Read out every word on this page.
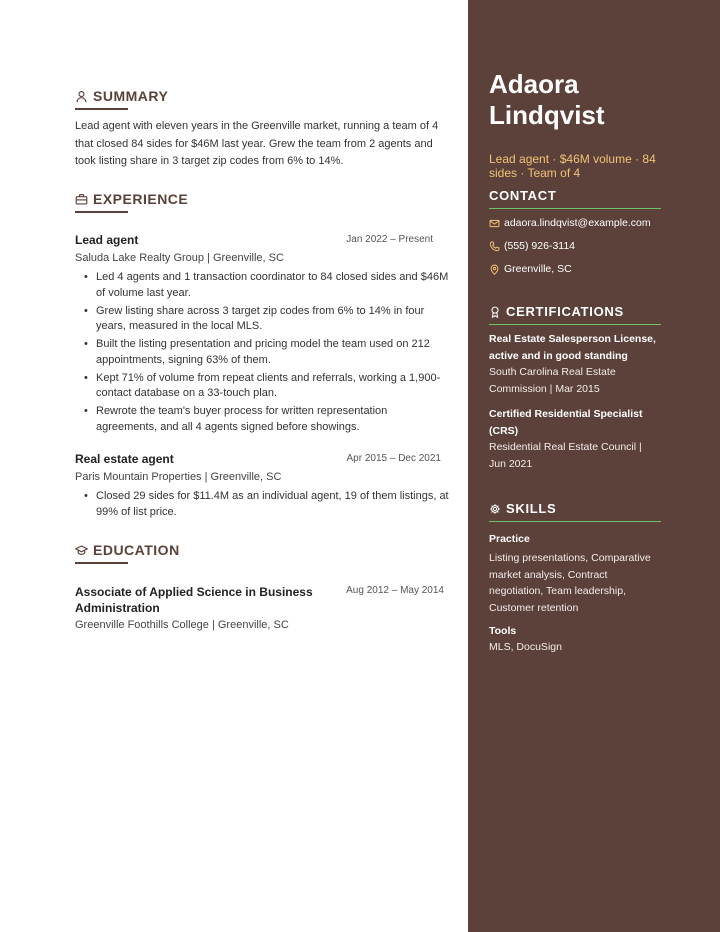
SUMMARY
Lead agent with eleven years in the Greenville market, running a team of 4 that closed 84 sides for $46M last year. Grew the team from 2 agents and took listing share in 3 target zip codes from 6% to 14%.
EXPERIENCE
Lead agent	Jan 2022 – Present
Saluda Lake Realty Group | Greenville, SC
• Led 4 agents and 1 transaction coordinator to 84 closed sides and $46M of volume last year.
• Grew listing share across 3 target zip codes from 6% to 14% in four years, measured in the local MLS.
• Built the listing presentation and pricing model the team used on 212 appointments, signing 63% of them.
• Kept 71% of volume from repeat clients and referrals, working a 1,900-contact database on a 33-touch plan.
• Rewrote the team's buyer process for written representation agreements, and all 4 agents signed before showings.
Real estate agent	Apr 2015 – Dec 2021
Paris Mountain Properties | Greenville, SC
• Closed 29 sides for $11.4M as an individual agent, 19 of them listings, at 99% of list price.
EDUCATION
Associate of Applied Science in Business Administration
Aug 2012 – May 2014
Greenville Foothills College | Greenville, SC
Adaora
Lindqvist
Lead agent · $46M volume · 84 sides · Team of 4
CONTACT
adaora.lindqvist@example.com
(555) 926-3114
Greenville, SC
CERTIFICATIONS
Real Estate Salesperson License, active and in good standing
South Carolina Real Estate Commission | Mar 2015
Certified Residential Specialist (CRS)
Residential Real Estate Council | Jun 2021
SKILLS
Practice
Listing presentations, Comparative market analysis, Contract negotiation, Team leadership, Customer retention
Tools
MLS, DocuSign
